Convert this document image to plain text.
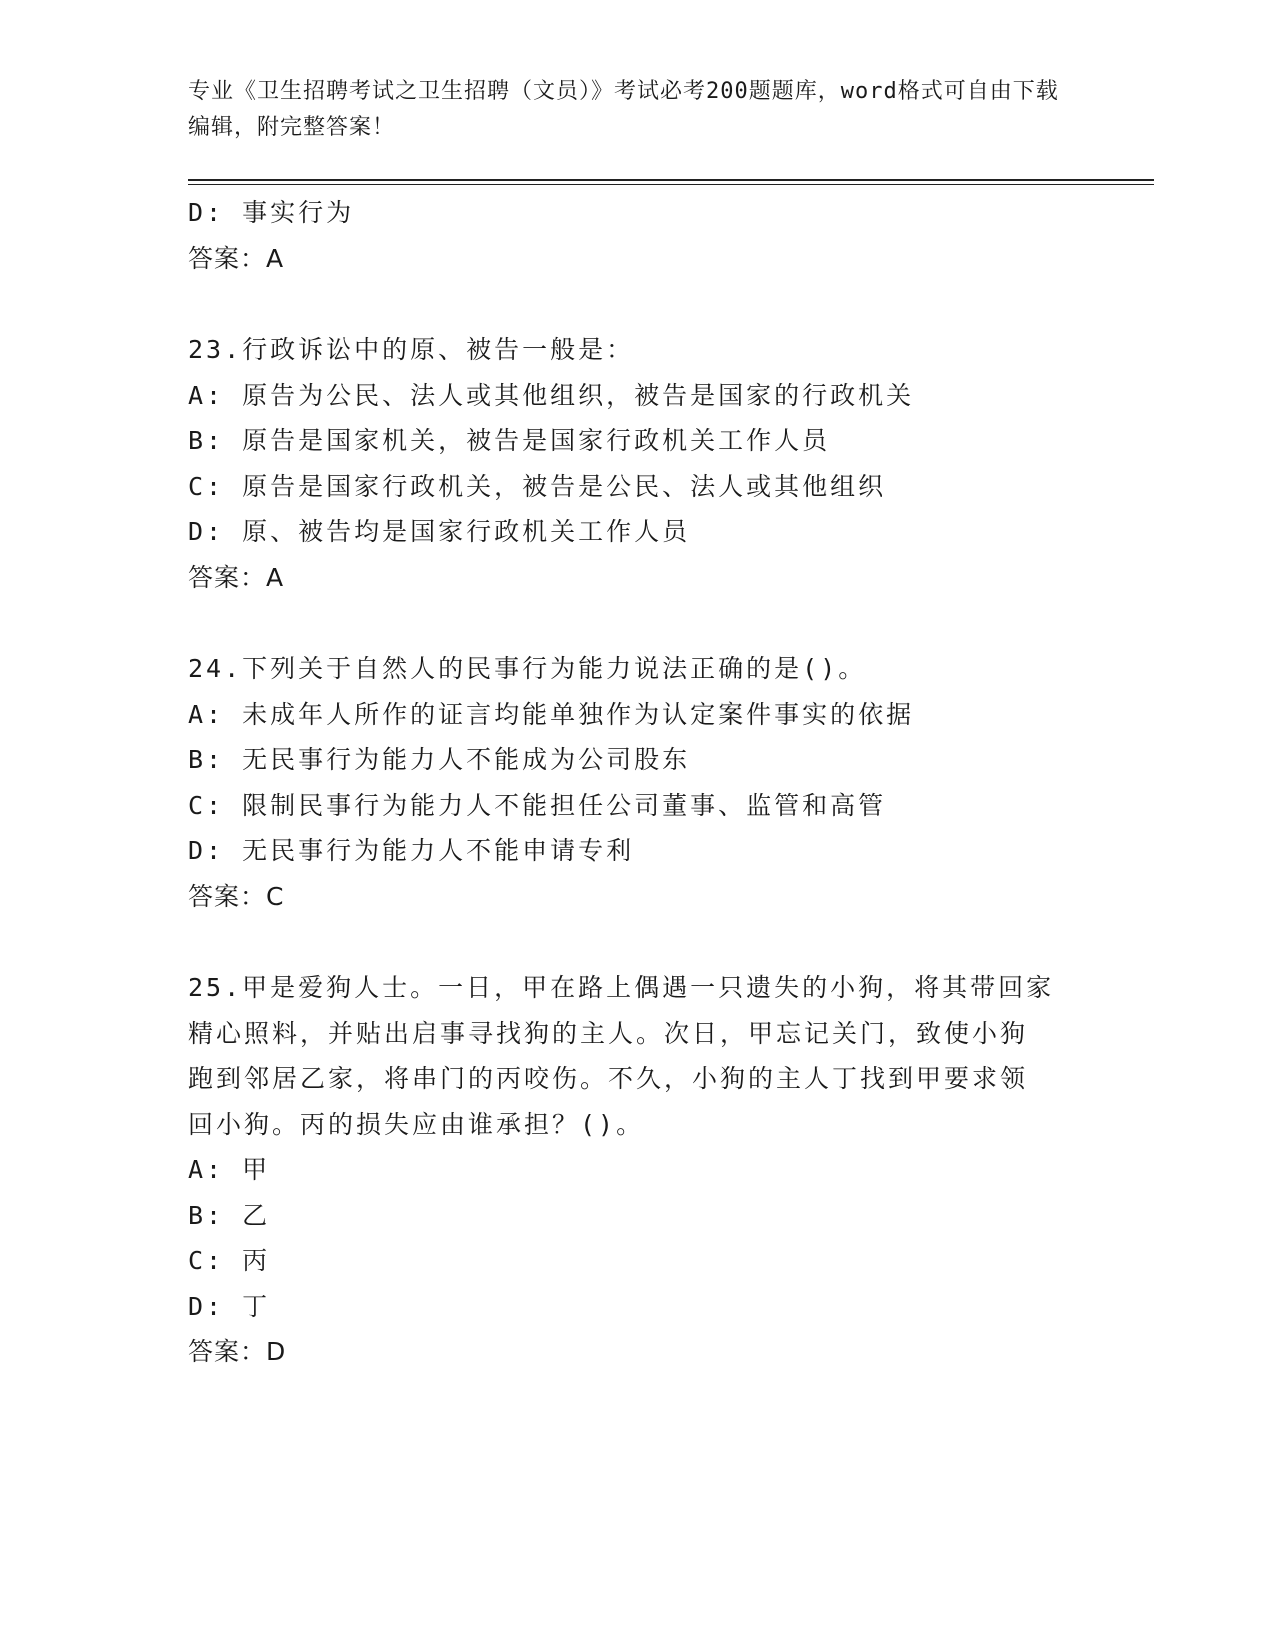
专业《卫生招聘考试之卫生招聘（文员）》考试必考200题题库，word格式可自由下载编辑，附完整答案！
D: 事实行为
答案：A
23.行政诉讼中的原、被告一般是：
A: 原告为公民、法人或其他组织，被告是国家的行政机关
B: 原告是国家机关，被告是国家行政机关工作人员
C: 原告是国家行政机关，被告是公民、法人或其他组织
D: 原、被告均是国家行政机关工作人员
答案：A
24.下列关于自然人的民事行为能力说法正确的是()。
A: 未成年人所作的证言均能单独作为认定案件事实的依据
B: 无民事行为能力人不能成为公司股东
C: 限制民事行为能力人不能担任公司董事、监管和高管
D: 无民事行为能力人不能申请专利
答案：C
25.甲是爱狗人士。一日，甲在路上偶遇一只遗失的小狗，将其带回家
精心照料，并贴出启事寻找狗的主人。次日，甲忘记关门，致使小狗
跑到邻居乙家，将串门的丙咬伤。不久，小狗的主人丁找到甲要求领
回小狗。丙的损失应由谁承担？()。
A: 甲
B: 乙
C: 丙
D: 丁
答案：D
